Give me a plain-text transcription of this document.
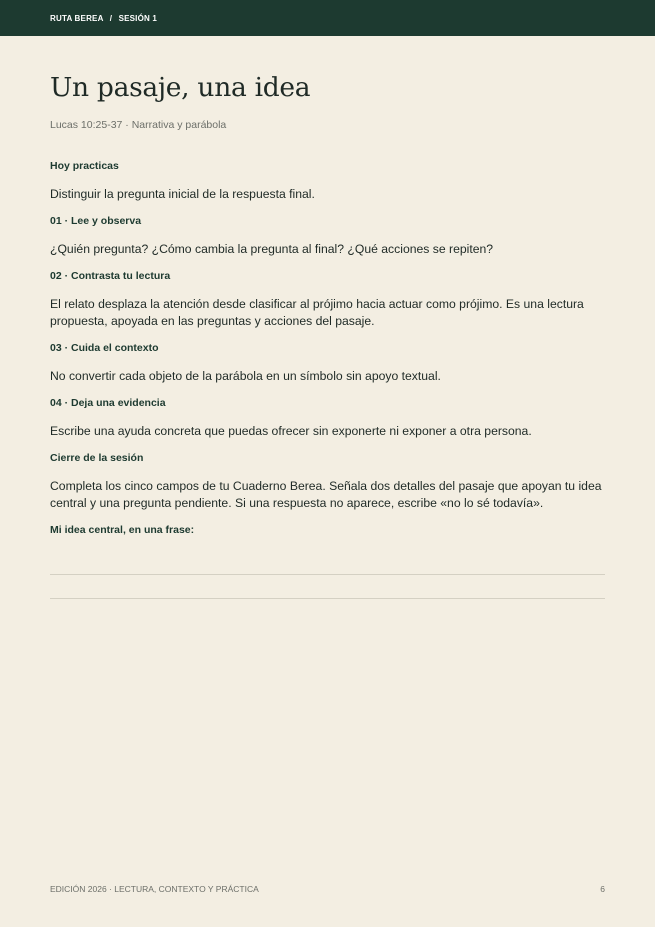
RUTA BEREA / SESIÓN 1
Un pasaje, una idea
Lucas 10:25-37 · Narrativa y parábola
Hoy practicas
Distinguir la pregunta inicial de la respuesta final.
01 · Lee y observa
¿Quién pregunta? ¿Cómo cambia la pregunta al final? ¿Qué acciones se repiten?
02 · Contrasta tu lectura
El relato desplaza la atención desde clasificar al prójimo hacia actuar como prójimo. Es una lectura propuesta, apoyada en las preguntas y acciones del pasaje.
03 · Cuida el contexto
No convertir cada objeto de la parábola en un símbolo sin apoyo textual.
04 · Deja una evidencia
Escribe una ayuda concreta que puedas ofrecer sin exponerte ni exponer a otra persona.
Cierre de la sesión
Completa los cinco campos de tu Cuaderno Berea. Señala dos detalles del pasaje que apoyan tu idea central y una pregunta pendiente. Si una respuesta no aparece, escribe «no lo sé todavía».
Mi idea central, en una frase:
EDICIÓN 2026 · LECTURA, CONTEXTO Y PRÁCTICA	6
